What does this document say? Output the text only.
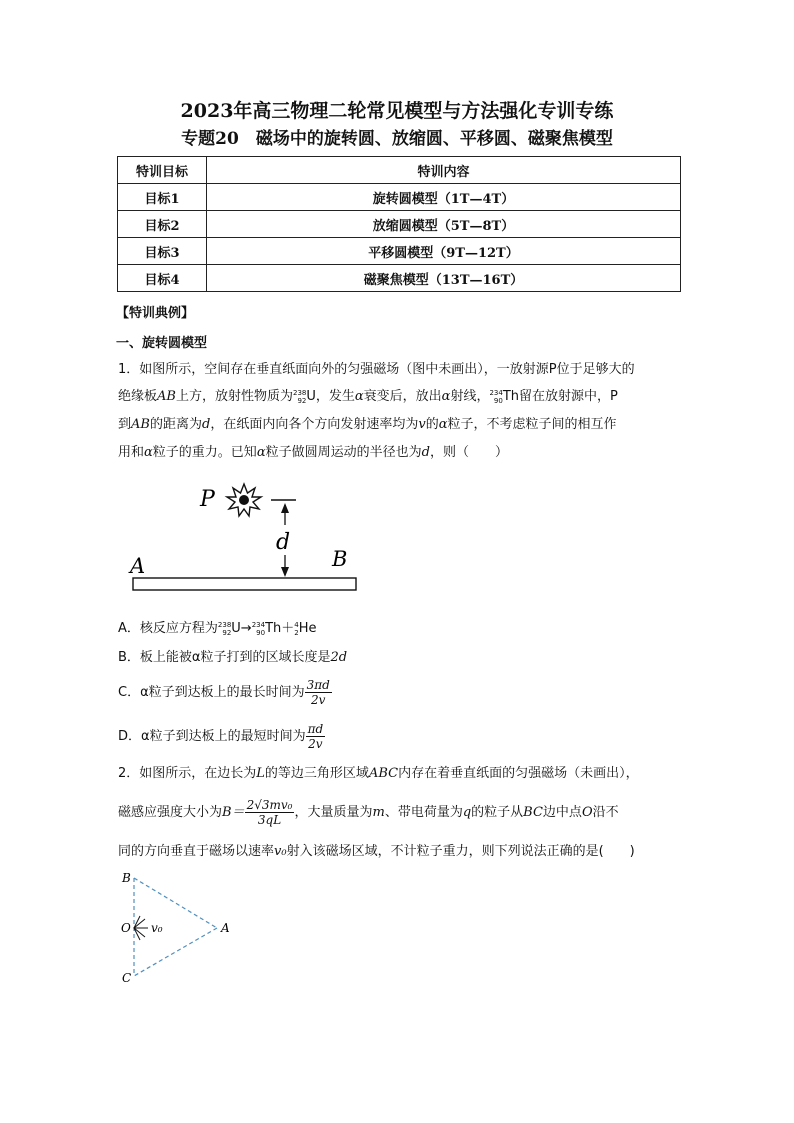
2023年高三物理二轮常见模型与方法强化专训专练
专题20　磁场中的旋转圆、放缩圆、平移圆、磁聚焦模型
特训目标	特训内容
目标1	旋转圆模型（1T—4T）
目标2	放缩圆模型（5T—8T）
目标3	平移圆模型（9T—12T）
目标4	磁聚焦模型（13T—16T）
【特训典例】
一、旋转圆模型
1．如图所示，空间存在垂直纸面向外的匀强磁场（图中未画出），一放射源P位于足够大的
绝缘板AB上方，放射性物质为 238
92 U，发生α衰变后，放出α射线， 234
90 Th留在放射源中，P
到AB的距离为d，在纸面内向各个方向发射速率均为v的α粒子，不考虑粒子间的相互作
用和α粒子的重力。已知α粒子做圆周运动的半径也为d，则（　　）
P
d
A	B
B
O v₀	A
C
A．核反应方程为 238
92 U→ 234
90 Th＋ 4
2 He
B．板上能被α粒子打到的区域长度是2d
C．α粒子到达板上的最长时间为 $\frac{3\pi d}{2v}$
D．α粒子到达板上的最短时间为 $\frac{\pi d}{2v}$
2．如图所示，在边长为L的等边三角形区域ABC内存在着垂直纸面的匀强磁场（未画出），
磁感应强度大小为$B= \frac{\text{2√3mv₀}}{3qL}$ ，大量质量为m、带电荷量为q的粒子从BC边中点O沿不
同的方向垂直于磁场以速率v₀射入该磁场区域，不计粒子重力，则下列说法正确的是(　　)
